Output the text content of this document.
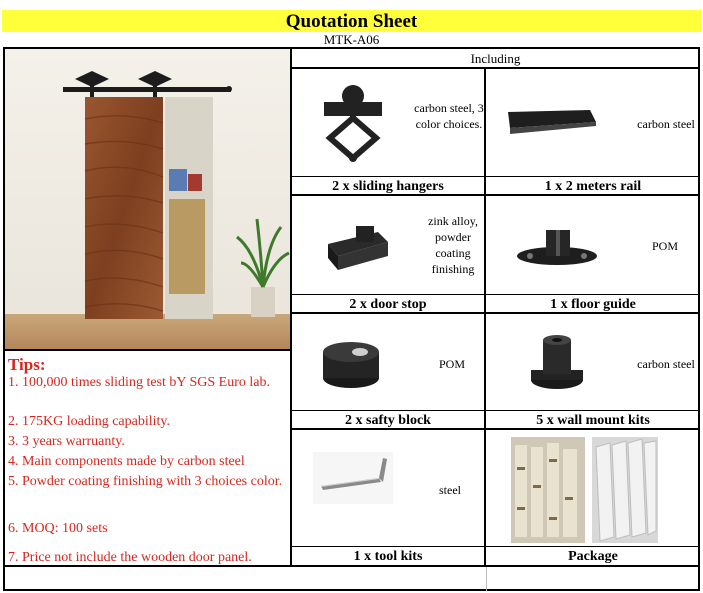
Quotation Sheet
MTK-A06
Including
Tips:
1. 100,000 times sliding test bY SGS Euro lab.
2. 175KG loading capability.
3. 3 years warruanty.
4. Main components made by carbon steel
5. Powder coating finishing with 3 choices color.
6. MOQ: 100 sets
7. Price not include the wooden door panel.
carbon steel, 3 color choices.
2 x sliding hangers
carbon steel
1 x 2 meters rail
zink alloy, powder coating finishing
2 x door stop
POM
1 x floor guide
POM
2 x safty block
carbon steel
5 x wall mount kits
steel
1 x tool kits	Package
